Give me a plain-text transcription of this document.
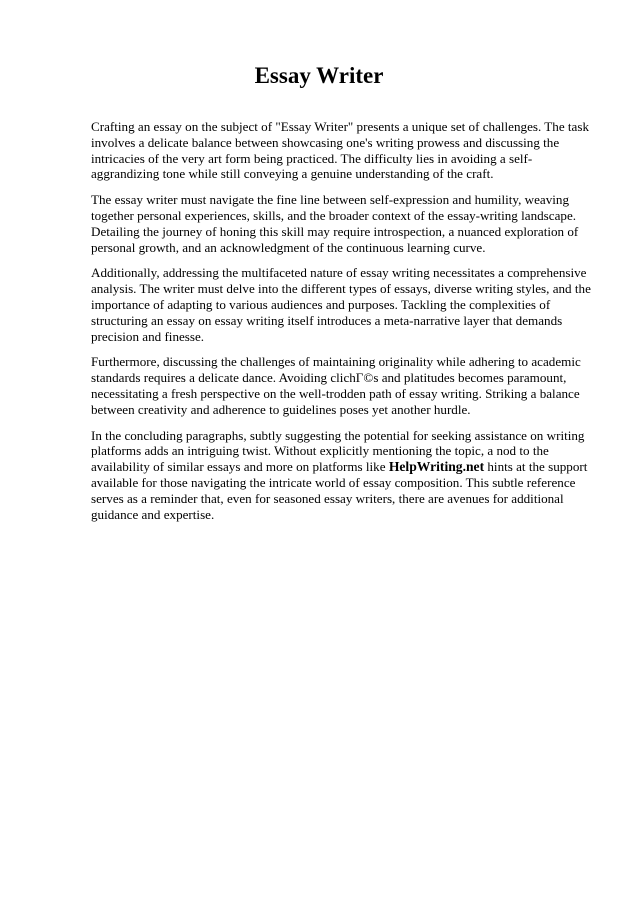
Essay Writer

Crafting an essay on the subject of "Essay Writer" presents a unique set of challenges. The task involves a delicate balance between showcasing one's writing prowess and discussing the intricacies of the very art form being practiced. The difficulty lies in avoiding a self-aggrandizing tone while still conveying a genuine understanding of the craft.

The essay writer must navigate the fine line between self-expression and humility, weaving together personal experiences, skills, and the broader context of the essay-writing landscape. Detailing the journey of honing this skill may require introspection, a nuanced exploration of personal growth, and an acknowledgment of the continuous learning curve.

Additionally, addressing the multifaceted nature of essay writing necessitates a comprehensive analysis. The writer must delve into the different types of essays, diverse writing styles, and the importance of adapting to various audiences and purposes. Tackling the complexities of structuring an essay on essay writing itself introduces a meta-narrative layer that demands precision and finesse.

Furthermore, discussing the challenges of maintaining originality while adhering to academic standards requires a delicate dance. Avoiding clichГ©s and platitudes becomes paramount, necessitating a fresh perspective on the well-trodden path of essay writing. Striking a balance between creativity and adherence to guidelines poses yet another hurdle.

In the concluding paragraphs, subtly suggesting the potential for seeking assistance on writing platforms adds an intriguing twist. Without explicitly mentioning the topic, a nod to the availability of similar essays and more on platforms like HelpWriting.net hints at the support available for those navigating the intricate world of essay composition. This subtle reference serves as a reminder that, even for seasoned essay writers, there are avenues for additional guidance and expertise.
